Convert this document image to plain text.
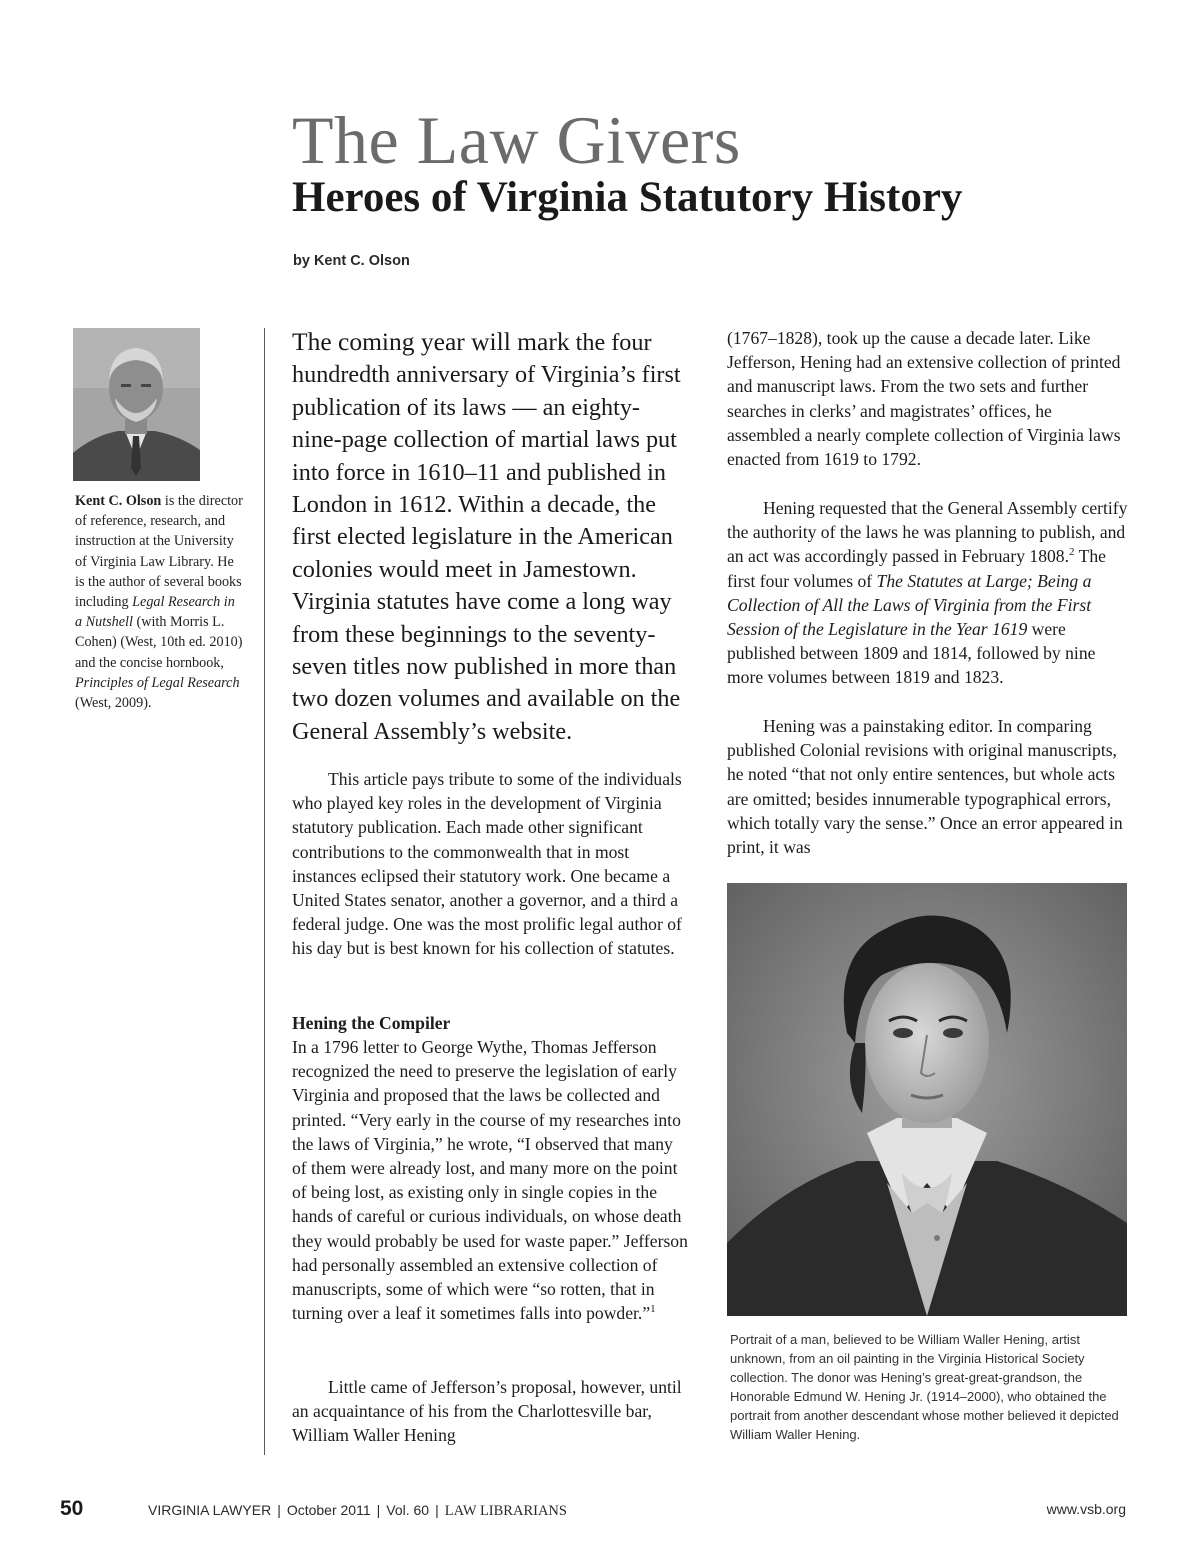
The Law Givers
Heroes of Virginia Statutory History
by Kent C. Olson
Kent C. Olson is the director of reference, research, and instruction at the University of Virginia Law Library. He is the author of several books including Legal Research in a Nutshell (with Morris L. Cohen) (West, 10th ed. 2010) and the concise hornbook, Principles of Legal Research (West, 2009).

The coming year will mark the four hundredth anniversary of Virginia’s first publication of its laws — an eighty-nine-page collection of martial laws put into force in 1610–11 and published in London in 1612. Within a decade, the first elected legislature in the American colonies would meet in Jamestown. Virginia statutes have come a long way from these beginnings to the seventy-seven titles now published in more than two dozen volumes and available on the General Assembly’s website.

This article pays tribute to some of the individuals who played key roles in the development of Virginia statutory publication. Each made other significant contributions to the commonwealth that in most instances eclipsed their statutory work. One became a United States senator, another a governor, and a third a federal judge. One was the most prolific legal author of his day but is best known for his collection of statutes.

Hening the Compiler

In a 1796 letter to George Wythe, Thomas Jefferson recognized the need to preserve the legislation of early Virginia and proposed that the laws be collected and printed. “Very early in the course of my researches into the laws of Virginia,” he wrote, “I observed that many of them were already lost, and many more on the point of being lost, as existing only in single copies in the hands of careful or curious individuals, on whose death they would probably be used for waste paper.” Jefferson had personally assembled an extensive collection of manuscripts, some of which were “so rotten, that in turning over a leaf it sometimes falls into powder.”$^1$

Little came of Jefferson’s proposal, however, until an acquaintance of his from the Charlottesville bar, William Waller Hening

(1767–1828), took up the cause a decade later. Like Jefferson, Hening had an extensive collection of printed and manuscript laws. From the two sets and further searches in clerks’ and magistrates’ offices, he assembled a nearly complete collection of Virginia laws enacted from 1619 to 1792.

Hening requested that the General Assembly certify the authority of the laws he was planning to publish, and an act was accordingly passed in February 1808.$^2$ The first four volumes of The Statutes at Large; Being a Collection of All the Laws of Virginia from the First Session of the Legislature in the Year 1619 were published between 1809 and 1814, followed by nine more volumes between 1819 and 1823.

Hening was a painstaking editor. In comparing published Colonial revisions with original manuscripts, he noted “that not only entire sentences, but whole acts are omitted; besides innumerable typographical errors, which totally vary the sense.” Once an error appeared in print, it was

Portrait of a man, believed to be William Waller Hening, artist unknown, from an oil painting in the Virginia Historical Society collection. The donor was Hening’s great-great-grandson, the Honorable Edmund W. Hening Jr. (1914–2000), who obtained the portrait from another descendant whose mother believed it depicted William Waller Hening.

50	VIRGINIA LAWYER | October 2011 | Vol. 60 | LAW LIBRARIANS	www.vsb.org
